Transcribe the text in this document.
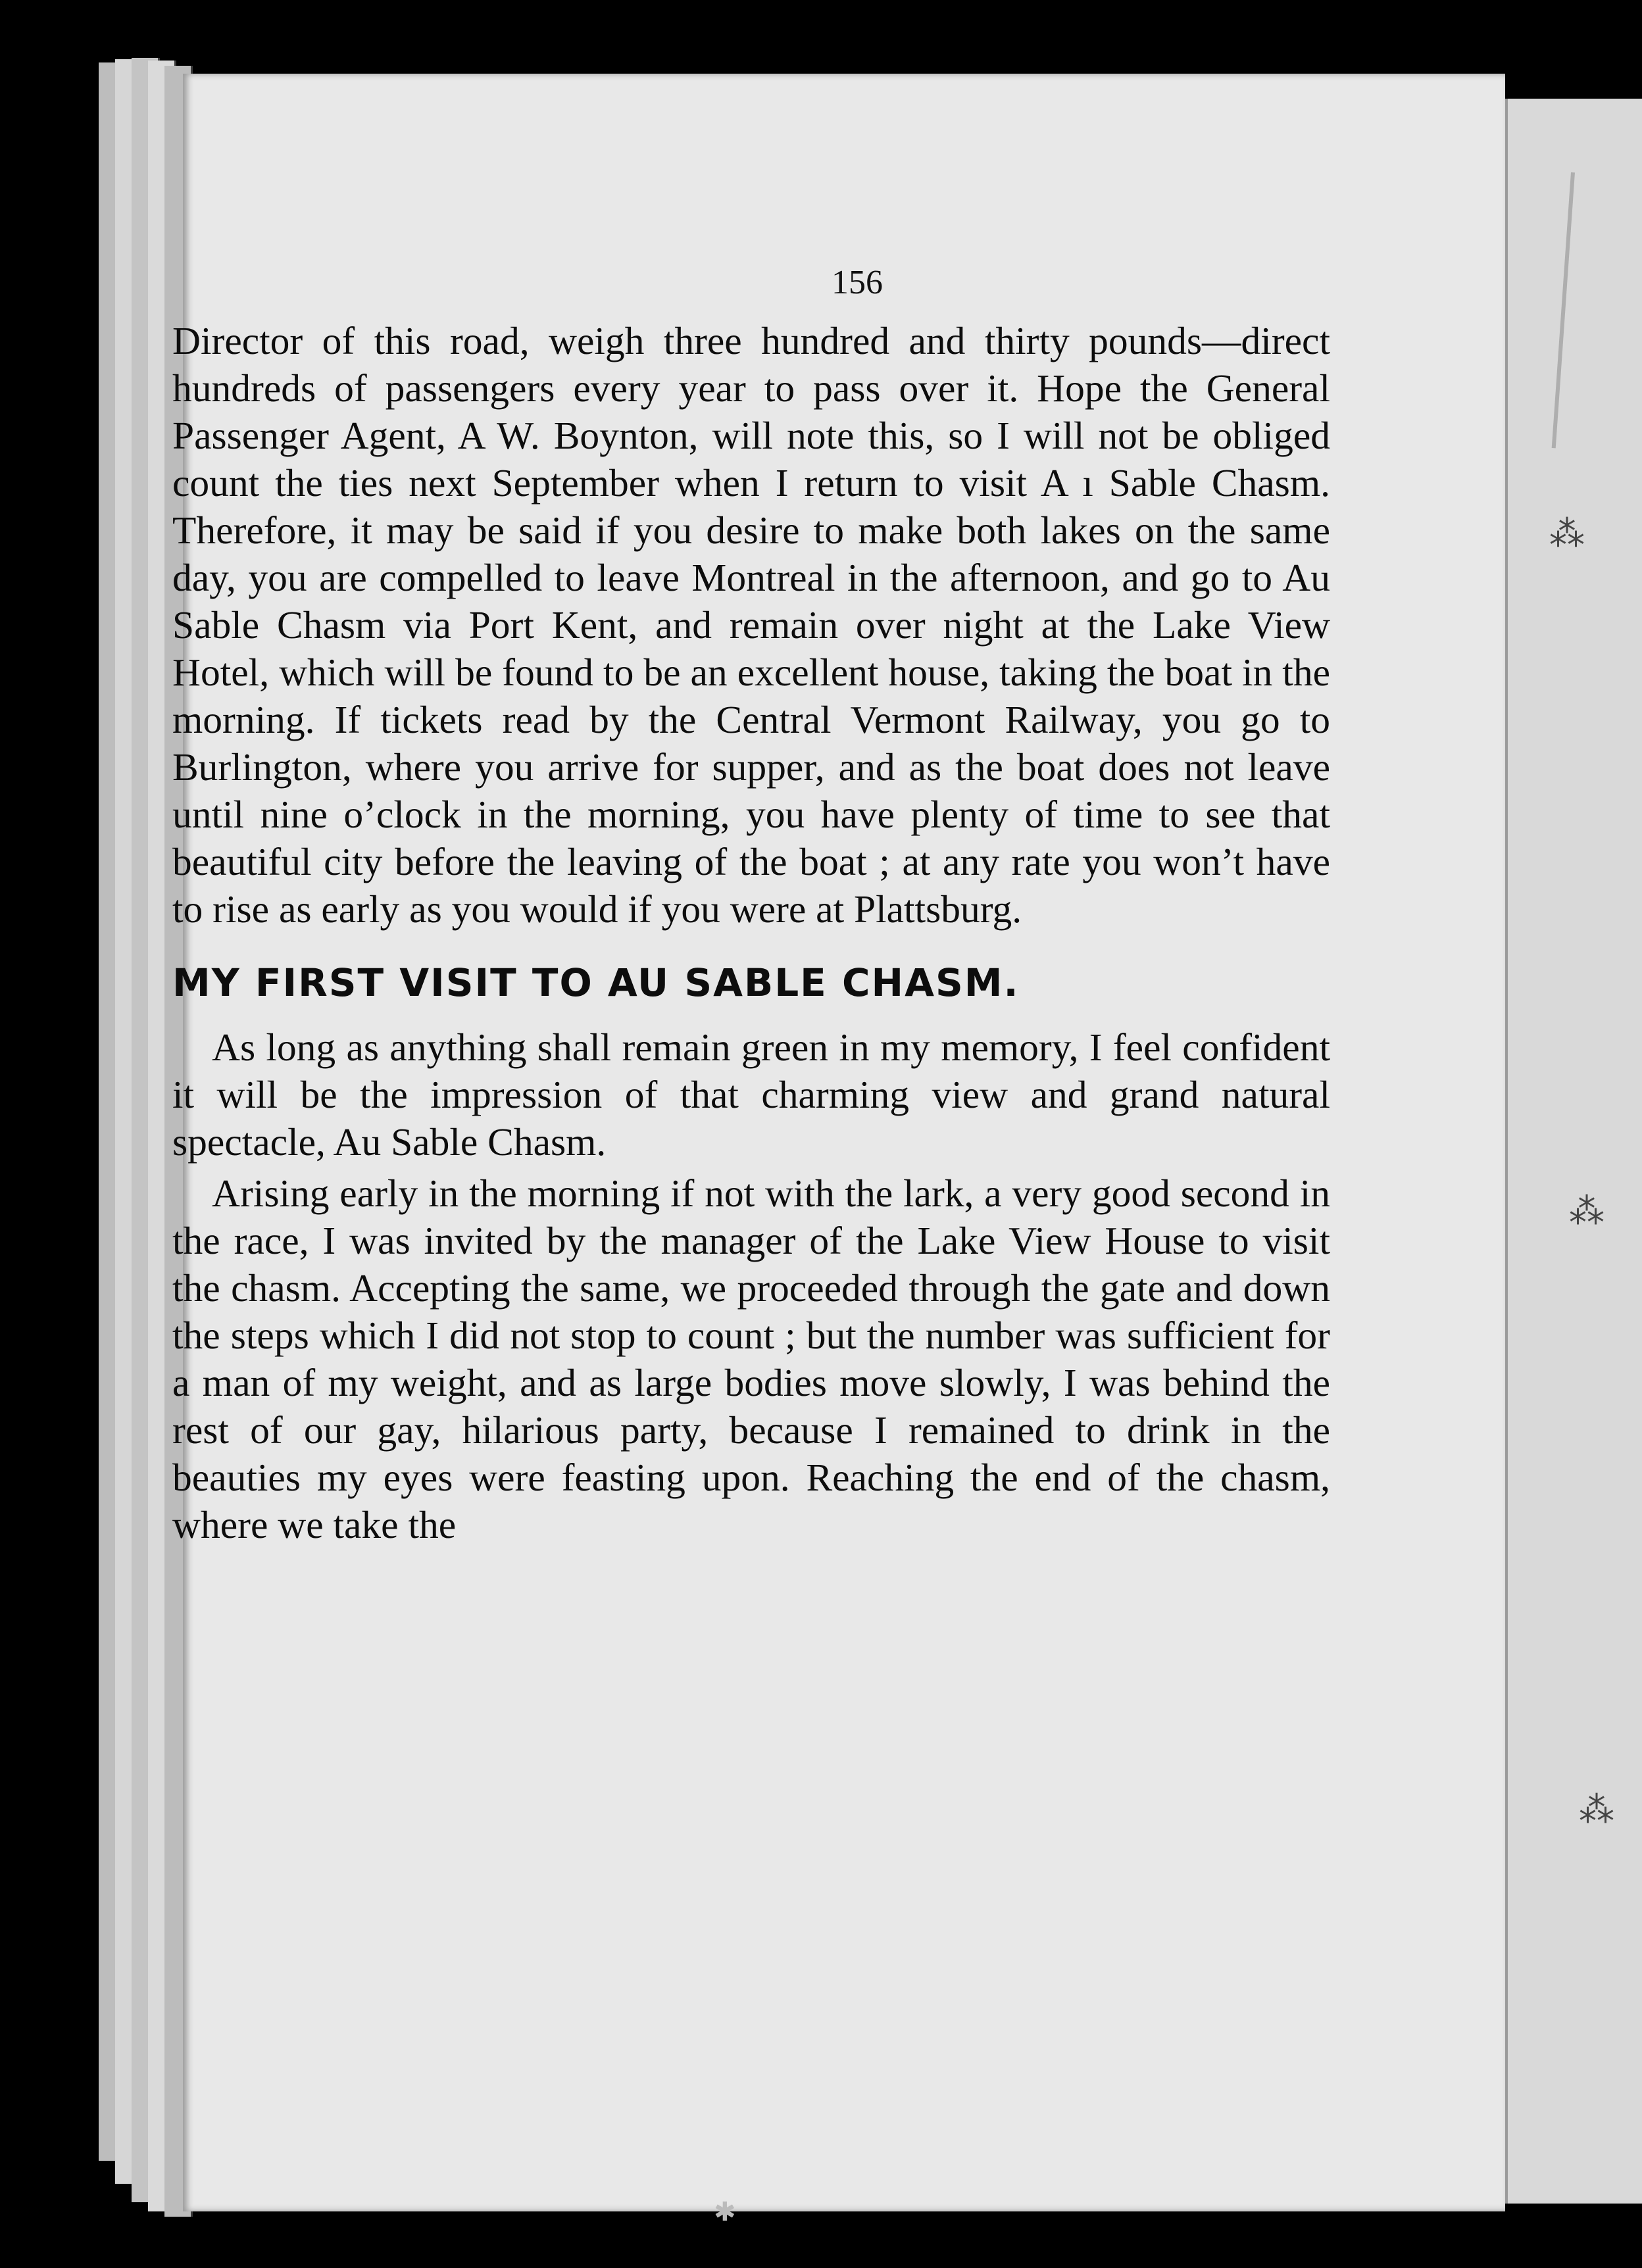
156

Director of this road, weigh three hundred and thirty pounds—direct hundreds of passengers every year to pass over it. Hope the General Passenger Agent, A W. Boynton, will note this, so I will not be obliged count the ties next September when I return to visit A ı Sable Chasm. Therefore, it may be said if you desire to make both lakes on the same day, you are compelled to leave Montreal in the afternoon, and go to Au Sable Chasm via Port Kent, and remain over night at the Lake View Hotel, which will be found to be an excellent house, taking the boat in the morning. If tickets read by the Central Vermont Railway, you go to Burlington, where you arrive for supper, and as the boat does not leave until nine o’clock in the morning, you have plenty of time to see that beautiful city before the leaving of the boat ; at any rate you won’t have to rise as early as you would if you were at Plattsburg.

MY FIRST VISIT TO AU SABLE CHASM.

As long as anything shall remain green in my memory, I feel confident it will be the impression of that charming view and grand natural spectacle, Au Sable Chasm.

Arising early in the morning if not with the lark, a very good second in the race, I was invited by the manager of the Lake View House to visit the chasm. Accepting the same, we proceeded through the gate and down the steps which I did not stop to count ; but the number was sufficient for a man of my weight, and as large bodies move slowly, I was behind the rest of our gay, hilarious party, because I remained to drink in the beauties my eyes were feasting upon. Reaching the end of the chasm, where we take the

⁂
⁂
⁂
✱
